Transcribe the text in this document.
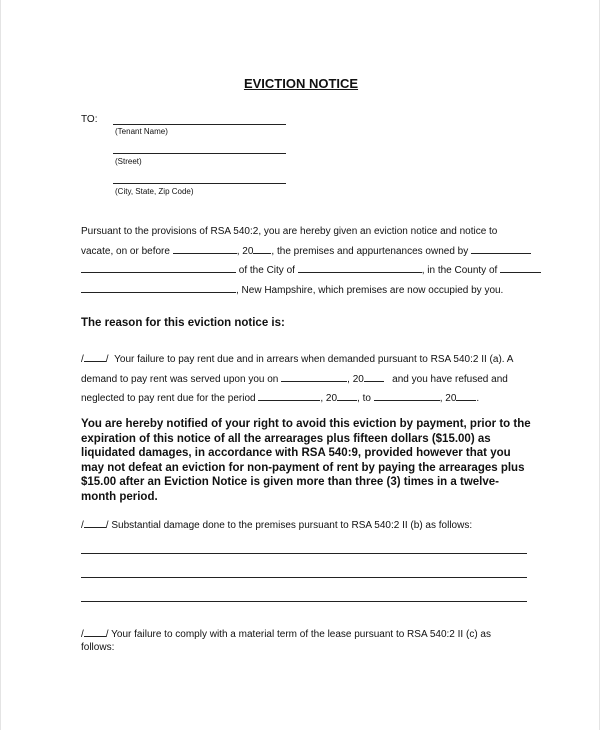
EVICTION NOTICE
TO:
(Tenant Name)
(Street)
(City, State, Zip Code)
Pursuant to the provisions of RSA 540:2, you are hereby given an eviction notice and notice to
vacate, on or before	, 20 , the premises and appurtenances owned by
of the City of	, in the County of
, New Hampshire, which premises are now occupied by you.
The reason for this eviction notice is:
/ / Your failure to pay rent due and in arrears when demanded pursuant to RSA 540:2 II (a). A
demand to pay rent was served upon you on	, 20	and you have refused and
neglected to pay rent due for the period	, 20 , to	, 20 .
You are hereby notified of your right to avoid this eviction by payment, prior to the expiration of this notice of all the arrearages plus fifteen dollars ($15.00) as liquidated damages, in accordance with RSA 540:9, provided however that you may not defeat an eviction for non-payment of rent by paying the arrearages plus $15.00 after an Eviction Notice is given more than three (3) times in a twelve-month period.
/ / Substantial damage done to the premises pursuant to RSA 540:2 II (b) as follows:
/ / Your failure to comply with a material term of the lease pursuant to RSA 540:2 II (c) as
follows:
